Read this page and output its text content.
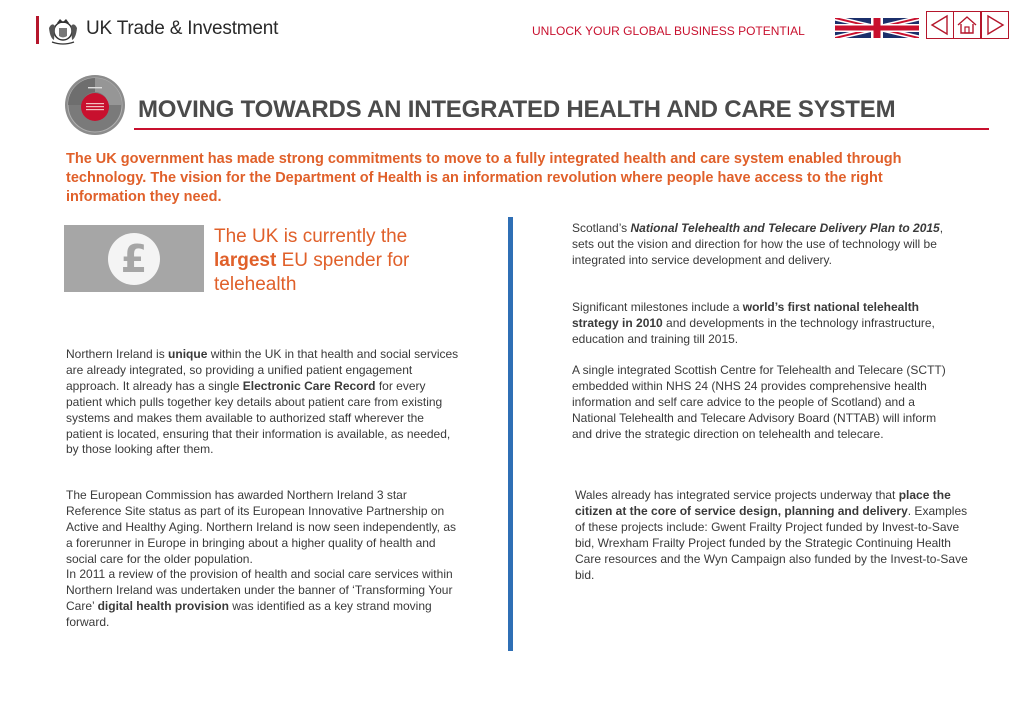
UK Trade & Investment	UNLOCK YOUR GLOBAL BUSINESS POTENTIAL
MOVING TOWARDS AN INTEGRATED HEALTH AND CARE SYSTEM
The UK government has made strong commitments to move to a fully integrated health and care system enabled through technology. The vision for the Department of Health is an information revolution where people have access to the right information they need.
£
The UK is currently the largest EU spender for telehealth
Northern Ireland is unique within the UK in that health and social services are already integrated, so providing a unified patient engagement approach. It already has a single Electronic Care Record for every patient which pulls together key details about patient care from existing systems and makes them available to authorized staff wherever the patient is located, ensuring that their information is available, as needed, by those looking after them.
The European Commission has awarded Northern Ireland 3 star Reference Site status as part of its European Innovative Partnership on Active and Healthy Aging. Northern Ireland is now seen independently, as a forerunner in Europe in bringing about a higher quality of health and social care for the older population.
In 2011 a review of the provision of health and social care services within Northern Ireland was undertaken under the banner of ‘Transforming Your Care’ digital health provision was identified as a key strand moving forward.
Scotland’s National Telehealth and Telecare Delivery Plan to 2015, sets out the vision and direction for how the use of technology will be integrated into service development and delivery.
Significant milestones include a world’s first national telehealth strategy in 2010 and developments in the technology infrastructure, education and training till 2015.
A single integrated Scottish Centre for Telehealth and Telecare (SCTT) embedded within NHS 24 (NHS 24 provides comprehensive health information and self care advice to the people of Scotland) and a National Telehealth and Telecare Advisory Board (NTTAB) will inform and drive the strategic direction on telehealth and telecare.
Wales already has integrated service projects underway that place the citizen at the core of service design, planning and delivery. Examples of these projects include: Gwent Frailty Project funded by Invest-to-Save bid, Wrexham Frailty Project funded by the Strategic Continuing Health Care resources and the Wyn Campaign also funded by the Invest-to-Save bid.
